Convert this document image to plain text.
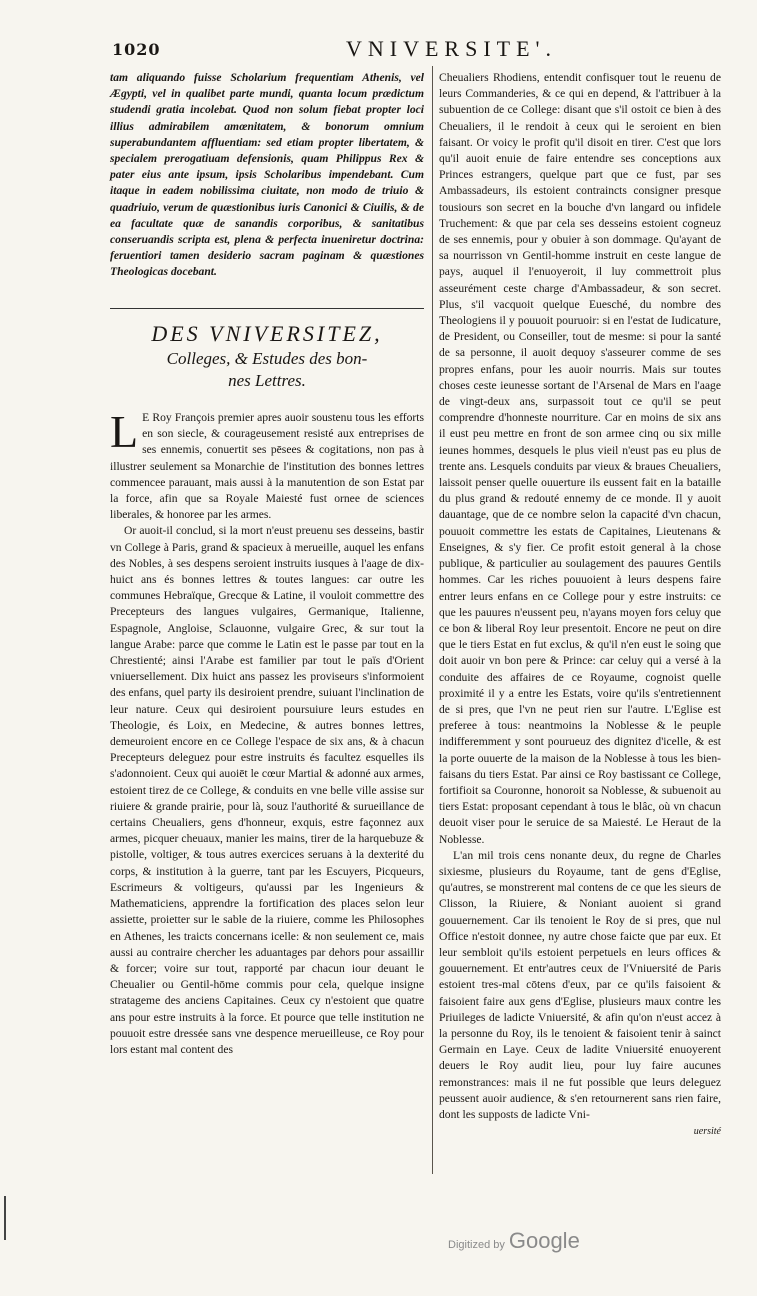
1020	VNIVERSITE'.
tam aliquando fuisse Scholarium frequentiam Athenis, vel Ægypti, vel in qualibet parte mundi, quanta locum prædictum studendi gratia incolebat. Quod non solum fiebat propter loci illius admirabilem amœnitatem, & bonorum omnium superabundantem affluentiam: sed etiam propter libertatem, & specialem prerogatiuam defensionis, quam Philippus Rex & pater eius ante ipsum, ipsis Scholaribus impendebant. Cum itaque in eadem nobilissima ciuitate, non modo de triuio & quadriuio, verum de quæstionibus iuris Canonici & Ciuilis, & de ea facultate quæ de sanandis corporibus, & sanitatibus conseruandis scripta est, plena & perfecta inueniretur doctrina: feruentiori tamen desiderio sacram paginam & quæstiones Theologicas docebant.
DES VNIVERSITEZ,
Colleges, & Estudes des bon-
nes Lettres.

L E Roy François premier apres auoir soustenu tous les efforts en son siecle, & courageusement resisté aux entreprises de ses ennemis, conuertit ses pēsees & cogitations, non pas à illustrer seulement sa Monarchie de l'institution des bonnes lettres commencee parauant, mais aussi à la manutention de son Estat par la force, afin que sa Royale Maiesté fust ornee de sciences liberales, & honoree par les armes.

Or auoit-il conclud, si la mort n'eust preuenu ses desseins, bastir vn College à Paris, grand & spacieux à merueille, auquel les enfans des Nobles, à ses despens seroient instruits iusques à l'aage de dix-huict ans és bonnes lettres & toutes langues: car outre les communes Hebraïque, Grecque & Latine, il vouloit commettre des Precepteurs des langues vulgaires, Germanique, Italienne, Espagnole, Angloise, Sclauonne, vulgaire Grec, & sur tout la langue Arabe: parce que comme le Latin est le passe par tout en la Chrestienté; ainsi l'Arabe est familier par tout le païs d'Orient vniuersellement. Dix huict ans passez les proviseurs s'informoient des enfans, quel party ils desiroient prendre, suiuant l'inclination de leur nature. Ceux qui desiroient poursuiure leurs estudes en Theologie, és Loix, en Medecine, & autres bonnes lettres, demeuroient encore en ce College l'espace de six ans, & à chacun Precepteurs deleguez pour estre instruits és facultez esquelles ils s'adonnoient. Ceux qui auoiēt le cœur Martial & adonné aux armes, estoient tirez de ce College, & conduits en vne belle ville assise sur riuiere & grande prairie, pour là, souz l'authorité & surueillance de certains Cheualiers, gens d'honneur, exquis, estre façonnez aux armes, picquer cheuaux, manier les mains, tirer de la harquebuze & pistolle, voltiger, & tous autres exercices seruans à la dexterité du corps, & institution à la guerre, tant par les Escuyers, Picqueurs, Escrimeurs & voltigeurs, qu'aussi par les Ingenieurs & Mathematiciens, apprendre la fortification des places selon leur assiette, proietter sur le sable de la riuiere, comme les Philosophes en Athenes, les traicts concernans icelle: & non seulement ce, mais aussi au contraire chercher les aduantages par dehors pour assaillir & forcer; voire sur tout, rapporté par chacun iour deuant le Cheualier ou Gentil-hōme commis pour cela, quelque insigne stratageme des anciens Capitaines. Ceux cy n'estoient que quatre ans pour estre instruits à la force. Et pource que telle institution ne pouuoit estre dressée sans vne despence merueilleuse, ce Roy pour lors estant mal content des

Cheualiers Rhodiens, entendit confisquer tout le reuenu de leurs Commanderies, & ce qui en depend, & l'attribuer à la subuention de ce College: disant que s'il ostoit ce bien à des Cheualiers, il le rendoit à ceux qui le seroient en bien faisant. Or voicy le profit qu'il disoit en tirer. C'est que lors qu'il auoit enuie de faire entendre ses conceptions aux Princes estrangers, quelque part que ce fust, par ses Ambassadeurs, ils estoient contraincts consigner presque tousiours son secret en la bouche d'vn langard ou infidele Truchement: & que par cela ses desseins estoient cogneuz de ses ennemis, pour y obuier à son dommage. Qu'ayant de sa nourrisson vn Gentil-homme instruit en ceste langue de pays, auquel il l'enuoyeroit, il luy commettroit plus asseurément ceste charge d'Ambassadeur, & son secret. Plus, s'il vacquoit quelque Euesché, du nombre des Theologiens il y pouuoit pouruoir: si en l'estat de Iudicature, de President, ou Conseiller, tout de mesme: si pour la santé de sa personne, il auoit dequoy s'asseurer comme de ses propres enfans, pour les auoir nourris. Mais sur toutes choses ceste ieunesse sortant de l'Arsenal de Mars en l'aage de vingt-deux ans, surpassoit tout ce qu'il se peut comprendre d'honneste nourriture. Car en moins de six ans il eust peu mettre en front de son armee cinq ou six mille ieunes hommes, desquels le plus vieil n'eust pas eu plus de trente ans. Lesquels conduits par vieux & braues Cheualiers, laissoit penser quelle ouuerture ils eussent fait en la bataille du plus grand & redouté ennemy de ce monde. Il y auoit dauantage, que de ce nombre selon la capacité d'vn chacun, pouuoit commettre les estats de Capitaines, Lieutenans & Enseignes, & s'y fier. Ce profit estoit general à la chose publique, & particulier au soulagement des pauures Gentils hommes. Car les riches pouuoient à leurs despens faire entrer leurs enfans en ce College pour y estre instruits: ce que les pauures n'eussent peu, n'ayans moyen fors celuy que ce bon & liberal Roy leur presentoit. Encore ne peut on dire que le tiers Estat en fut exclus, & qu'il n'en eust le soing que doit auoir vn bon pere & Prince: car celuy qui a versé à la conduite des affaires de ce Royaume, cognoist quelle proximité il y a entre les Estats, voire qu'ils s'entretiennent de si pres, que l'vn ne peut rien sur l'autre. L'Eglise est preferee à tous: neantmoins la Noblesse & le peuple indifferemment y sont pourueuz des dignitez d'icelle, & est la porte ouuerte de la maison de la Noblesse à tous les bien-faisans du tiers Estat. Par ainsi ce Roy bastissant ce College, fortifioit sa Couronne, honoroit sa Noblesse, & subuenoit au tiers Estat: proposant cependant à tous le blâc, où vn chacun deuoit viser pour le seruice de sa Maiesté. Le Heraut de la Noblesse.

L'an mil trois cens nonante deux, du regne de Charles sixiesme, plusieurs du Royaume, tant de gens d'Eglise, qu'autres, se monstrerent mal contens de ce que les sieurs de Clisson, la Riuiere, & Noniant auoient si grand gouuernement. Car ils tenoient le Roy de si pres, que nul Office n'estoit donnee, ny autre chose faicte que par eux. Et leur sembloit qu'ils estoient perpetuels en leurs offices & gouuernement. Et entr'autres ceux de l'Vniuersité de Paris estoient tres-mal cōtens d'eux, par ce qu'ils faisoient & faisoient faire aux gens d'Eglise, plusieurs maux contre les Priuileges de ladicte Vniuersité, & afin qu'on n'eust accez à la personne du Roy, ils le tenoient & faisoient tenir à sainct Germain en Laye. Ceux de ladite Vniuersité enuoyerent deuers le Roy audit lieu, pour luy faire aucunes remonstrances: mais il ne fut possible que leurs deleguez peussent auoir audience, & s'en retournerent sans rien faire, dont les supposts de ladicte Vni-

uersité
Digitized by Google
